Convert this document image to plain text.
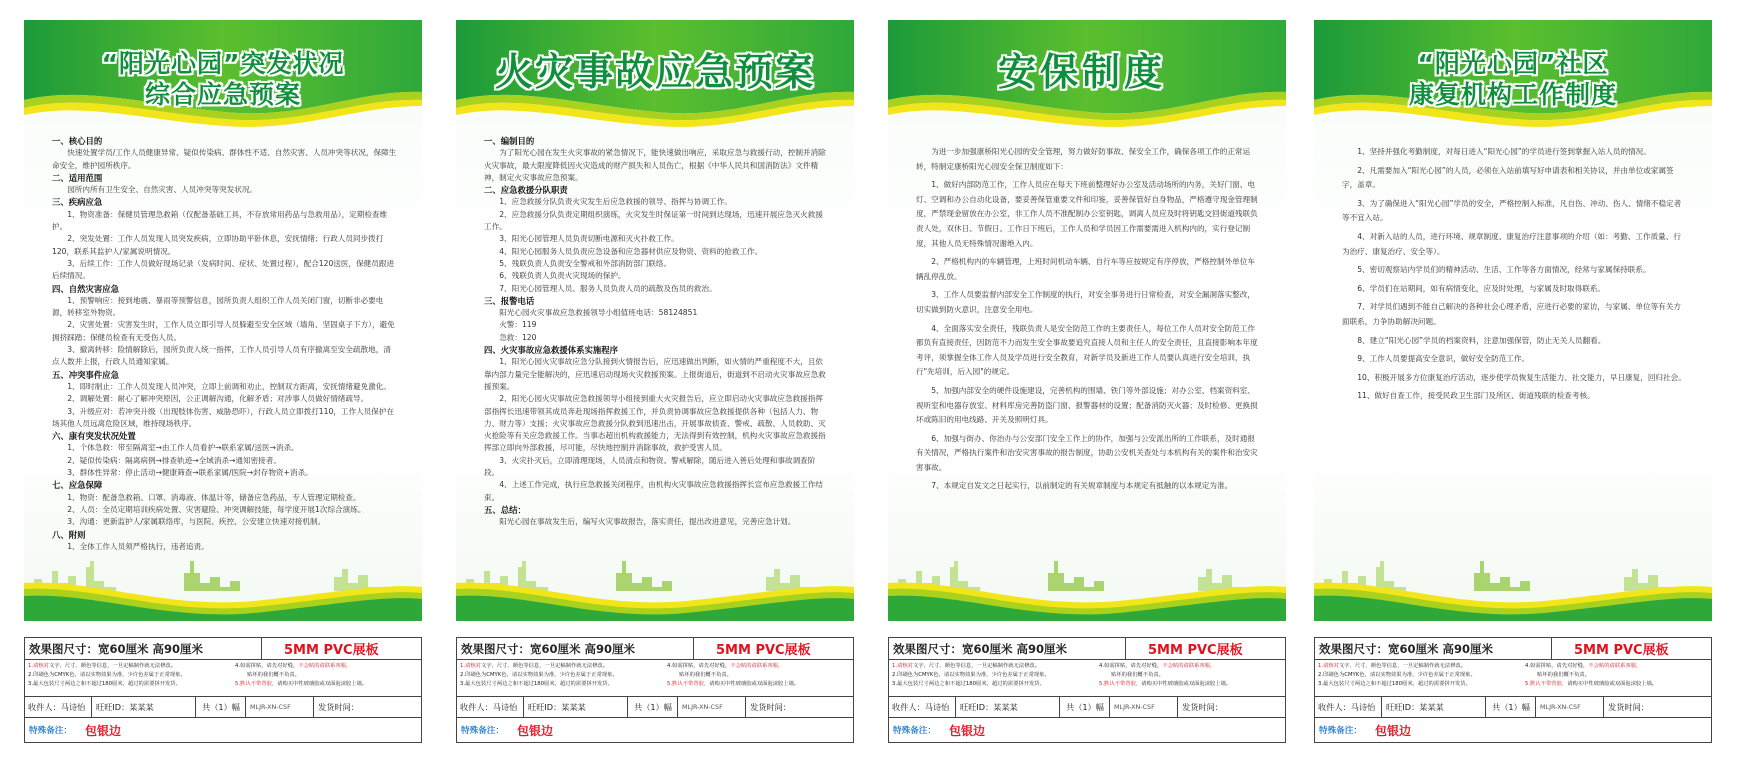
“阳光心园”突发状况
综合应急预案

一、核心目的

快速处置学员/工作人员健康异常、疑似传染病、群体性不适、自然灾害、人员冲突等状况，保障生命安全，维护园所秩序。

二、适用范围

园所内所有卫生安全、自然灾害、人员冲突等突发状况。

三、疾病应急

1、物资准备：保健员管理急救箱（仅配备基础工具，不存放常用药品与急救用品），定期检查维护。

2、突发处置：工作人员发现人员突发疾病，立即协助平卧休息，安抚情绪；行政人员同步拨打120，联系其监护人/家属说明情况。

3、后续工作：工作人员做好现场记录（发病时间、症状、处置过程），配合120送医，保健员跟进后续情况。

四、自然灾害应急

1、预警响应：接到地震、暴雨等预警信息，园所负责人组织工作人员关闭门窗，切断非必要电源，转移室外物资。

2、灾害处置：灾害发生时，工作人员立即引导人员躲避至安全区域（墙角、坚固桌子下方），避免拥挤踩踏；保健员检查有无受伤人员。

3、撤离转移：险情解除后，园所负责人统一指挥，工作人员引导人员有序撤离至安全疏散地，清点人数并上报，行政人员通知家属。

五、冲突事件应急

1、即时制止：工作人员发现人员冲突，立即上前调和劝止，控制双方距离，安抚情绪避免激化。

2、调解处置：耐心了解冲突原因，公正调解沟通，化解矛盾；对涉事人员做好情绪疏导。

3、升级应对：若冲突升级（出现肢体伤害、威胁恐吓），行政人员立即拨打110，工作人员保护在场其他人员远离危险区域，维持现场秩序。

六、康有突发状况处置

1、个体急救：带至隔离室→由工作人员看护→联系家属/送医→消杀。

2、疑似传染病：隔离病例→排查轨迹→全域消杀→通知密接者。

3、群体性异常：停止活动→健康筛查→联系家属/医院→封存物资+消杀。

七、应急保障

1、物资：配备急救箱、口罩、消毒液、体温计等，储备应急药品，专人管理定期检查。

2、人员：全员定期培训疾病处置、灾害避险、冲突调解技能，每学度开展1次综合演练。

3、沟通：更新监护人/家属联络库，与医院、疾控、公安建立快速对接机制。

八、附则

1、全体工作人员须严格执行，违者追责。

火灾事故应急预案

一、编制目的

为了阳光心园在发生火灾事故的紧急情况下，能快速做出响应，采取应急与救援行动，控制并消除火灾事故，最大限度降低因火灾造成的财产损失和人员伤亡，根据《中华人民共和国消防法》文件精神，制定火灾事故应急预案。

二、应急救援分队职责

1、应急救援分队负责火灾发生后应急救援的领导、指挥与协调工作。

2、应急救援分队负责定期组织演练，火灾发生时保证第一时间到达现场，迅速开展应急灭火救援工作。

3、阳光心园管理人员负责切断电源和灭火扑救工作。

4、阳光心园服务人员负责应急设备和应急器材供应及物资、资料的抢救工作。

5、残联负责人负责安全警戒和外部消防部门联络。

6、残联负责人负责火灾现场的保护。

7、阳光心园管理人员、服务人员负责人员的疏散及伤员的救治。

三、报警电话

阳光心园火灾事故应急救援领导小组值班电话：58124851

火警：119

急救：120

四、火灾事故应急救援体系实施程序

1、阳光心园火灾事故应急分队接到火情报告后，应迅速做出判断，如火情的严重程度不大，且依靠内部力量完全能解决的，应迅速启动现场火灾救援预案。上报街道后，街道到不启动火灾事故应急救援预案。

2、阳光心园火灾事故应急救援领导小组接到重大火灾报告后，应立即启动火灾事故应急救援指挥部指挥长迅速带领其成员奔赴现场指挥救援工作，并负责协调事故应急救援提供各种（包括人力、物力、财力等）支援；火灾事故应急救援分队救到迅速出击，开展事故侦查、警戒、疏散、人员救助、灭火抢险等有关应急救援工作。当事态超出机构救援能力，无法得到有效控制，机构火灾事故应急救援指挥部立即向外部救援，尽可能，尽快地控制并消除事故，救护受害人员。

3、火灾扑灭后，立即清理现场，人员清点和物资、警戒解除，随后进入善后处理和事故调查阶段。

4、上述工作完成，执行应急救援关闭程序，由机构火灾事故应急救援指挥长宣布应急救援工作结束。

五、总结：

阳光心园在事故发生后，编写火灾事故报告，落实责任，提出改进意见，完善应急计划。

安保制度

为进一步加强康桥阳光心园的安全管理，努力做好防事故、保安全工作，确保各项工作的正常运转，特制定康桥阳光心园安全保卫制度如下：

1、做好内部防范工作，工作人员应在每天下班前整理好办公室及活动场所的内务，关好门窗、电灯、空调和办公自动化设备，要妥善保管重要文件和印鉴，妥善保管好自身物品，严格遵守现金管理制度，严禁现金留放在办公室，非工作人员不准配制办公室钥匙，调离人员应及时将钥匙交回街道残联负责人处，双休日、节假日、工作日下班后，工作人员和学员因工作需要需进入机构内的，实行登记制度，其他人员无特殊情况谢绝入内。

2、严格机构内的车辆管理，上班时间机动车辆、自行车等应按规定有序停放，严格控制外单位车辆乱停乱放。

3、工作人员要监督内部安全工作制度的执行，对安全事务进行日常检查，对安全漏洞落实整改，切实做到防火意识，注意安全用电。

4、全面落实安全责任，残联负责人是安全防范工作的主要责任人，每位工作人员对安全防范工作都负有直接责任，因防范不力而发生安全事故要追究直接人员和主任人的安全责任，且直接影响本年度考评，须掌握全体工作人员及学员进行安全教育，对新学员及新进工作人员要认真进行安全培训，执行"先培训，后入园"的规定。

5、加强内部安全的硬件设施建设，完善机构的围墙、铁门等外部设施；对办公室、档案资料室、视听室和电器存放室、材料库房完善防盗门窗、报警器材的设置；配备消防灭火器；及时检修、更换损坏或陈旧的用电线路、开关及照明灯具。

6、加强与街办、你治办与公安部门安全工作上的协作，加强与公安派出所的工作联系，及时通报有关情况，严格执行案件和治安灾害事故的报告制度，协助公安机关查处与本机构有关的案件和治安灾害事故。

7、本规定自发文之日起实行，以前制定的有关规章制度与本规定有抵触的以本规定为准。

“阳光心园”社区
康复机构工作制度

1、坚持并强化考勤制度，对每日进入“阳光心园”的学员进行签到掌握入站人员的情况。

2、凡需要加入“阳光心园”的人员，必须在入站前填写好申请表和相关协议，并由单位或家属签字，盖章。

3、为了确保进入“阳光心园”学员的安全，严格控制入标准，凡自伤、冲动、伤人、情绪不稳定者等不宜入站。

4、对新入站的人员，进行环境、规章制度、康复治疗注意事项的介绍（如：考勤、工作质量、行为治疗、康复治疗、安全等）。

5、密切观察站内学员们的精神活动、生活、工作等各方面情况，经常与家属保持联系。

6、学员们在站期间，如有病情变化，应及时处理，与家属及时取得联系。

7、对学员们遇到不能自己解决的各种社会心理矛盾，应进行必要的家访，与家属、单位等有关方面联系，力争协助解决问题。

8、建立“阳光心园”学员的档案资料，注意加强保管，防止无关人员翻看。

9、工作人员要提高安全意识，做好安全防范工作。

10、积极开展多方位康复治疗活动，逐步使学员恢复生活能力、社交能力，早日康复，回归社会。

11、做好自查工作，接受民政卫生部门及所区、街道残联的检查考核。

效果图尺寸：宽60厘米 高90厘米	5MM PVC展板
1.请核对文字、尺寸、颜色等信息，一旦定稿制作就无法修改。
2.印刷色为CMYK色，请以实物效果为准，少许色差属于正常现象。
3.最大包装尺寸两边之和不超过180厘米，超过的需要拼开发货。
4.如需拼贴，请先对好缝，不会贴的请联系客服，
贴坏的我们概不负责。
5.默认不带背胶，请购买中性玻璃胶或双面泡沫胶上墙。
收件人：马诗怡	旺旺ID：某某某	共（1）幅	MLJR-XN-CSF	发货时间：
特殊备注：	包银边
效果图尺寸：宽60厘米 高90厘米	5MM PVC展板
1.请核对文字、尺寸、颜色等信息，一旦定稿制作就无法修改。
2.印刷色为CMYK色，请以实物效果为准，少许色差属于正常现象。
3.最大包装尺寸两边之和不超过180厘米，超过的需要拼开发货。
4.如需拼贴，请先对好缝，不会贴的请联系客服，
贴坏的我们概不负责。
5.默认不带背胶，请购买中性玻璃胶或双面泡沫胶上墙。
收件人：马诗怡	旺旺ID：某某某	共（1）幅	MLJR-XN-CSF	发货时间：
特殊备注：	包银边
效果图尺寸：宽60厘米 高90厘米	5MM PVC展板
1.请核对文字、尺寸、颜色等信息，一旦定稿制作就无法修改。
2.印刷色为CMYK色，请以实物效果为准，少许色差属于正常现象。
3.最大包装尺寸两边之和不超过180厘米，超过的需要拼开发货。
4.如需拼贴，请先对好缝，不会贴的请联系客服，
贴坏的我们概不负责。
5.默认不带背胶，请购买中性玻璃胶或双面泡沫胶上墙。
收件人：马诗怡	旺旺ID：某某某	共（1）幅	MLJR-XN-CSF	发货时间：
特殊备注：	包银边
效果图尺寸：宽60厘米 高90厘米	5MM PVC展板
1.请核对文字、尺寸、颜色等信息，一旦定稿制作就无法修改。
2.印刷色为CMYK色，请以实物效果为准，少许色差属于正常现象。
3.最大包装尺寸两边之和不超过180厘米，超过的需要拼开发货。
4.如需拼贴，请先对好缝，不会贴的请联系客服，
贴坏的我们概不负责。
5.默认不带背胶，请购买中性玻璃胶或双面泡沫胶上墙。
收件人：马诗怡	旺旺ID：某某某	共（1）幅	MLJR-XN-CSF	发货时间：
特殊备注：	包银边
